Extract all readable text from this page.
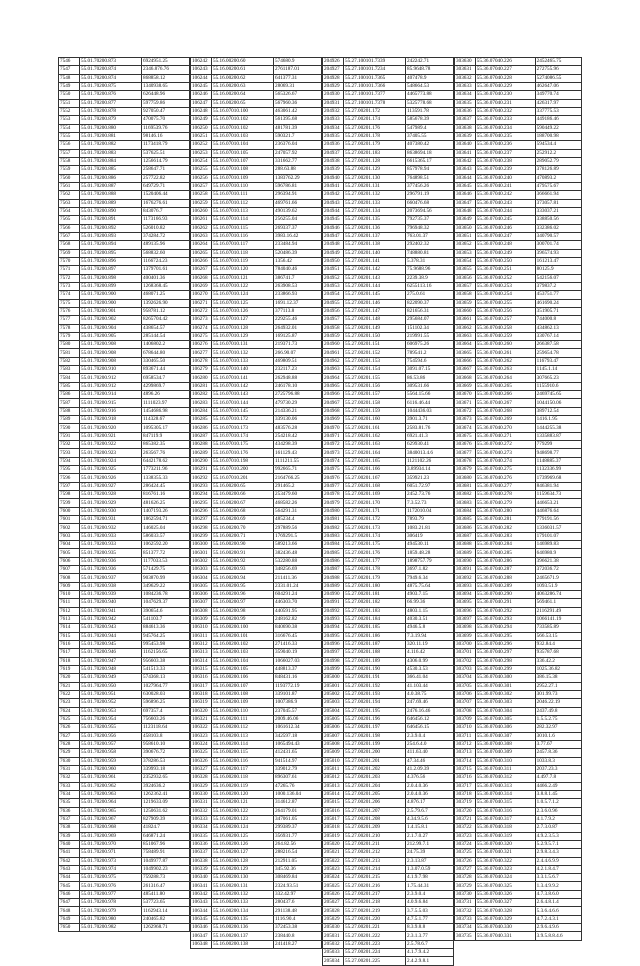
7546	55.01.70200.873	6924951.25
7547	55.01.70200.874	2346.876.76
7548	55.01.70200.874	868858.12
7549	55.01.70200.875	1340938.65
7550	55.01.70200.876	626448.96
7551	55.01.70200.877	597759.86
7552	55.01.70200.878	927050.47
7553	55.01.70200.879	470075.70
7554	55.01.70200.880	1169539.76
7555	55.01.70200.881	98146.16
7556	55.01.70200.882	1173418.79
7557	55.01.70200.883	537625.51
7558	55.01.70200.884	1256614.79
7559	55.01.70200.885	258647.71
7560	55.01.70200.886	257722.82
7561	55.01.70200.887	649729.71
7562	55.01.70200.888	1520406.44
7563	55.01.70200.889	1676276.61
7564	55.01.70200.890	843076.7
7565	55.01.70200.891	1173166.93
7566	55.01.70200.892	526010.82
7567	55.01.70200.893	374284.72
7568	55.01.70200.894	489135.96
7569	55.01.70200.895	568832.60
7570	55.01.70200.896	1166724.23
7571	55.01.70200.897	1379701.61
7572	55.01.70200.898	400401.36
7573	55.01.70200.899	1268368.45
7574	55.01.70200.900	468071.25
7575	55.01.70200.900	1392626.90
7576	55.01.70200.901	958781.12
7577	55.01.70200.902	8265704.42
7578	55.01.70200.904	438654.57
7579	55.01.70200.905	285144.54
7580	55.01.70200.908	1406802.2
7581	55.01.70200.908	678644.80
7582	55.01.70200.908	330465.50
7583	55.01.70200.910	893671.44
7584	55.01.70200.912	6958534.7
7585	55.01.70200.912	4299869.7
7586	55.01.70200.914	4896.26
7587	55.01.70200.915	1111023.97
7588	55.01.70200.916	1454686.98
7589	55.01.70200.918	114328.67
7590	55.01.70200.920	1095305.17
7591	55.01.70200.921	847119.9
7592	55.01.70200.922	865382.35
7593	55.01.70200.923	263567.76
7594	55.01.70200.924	6442178.62
7595	55.01.70200.925	1773211.96
7596	55.01.70200.926	1338355.33
7597	55.01.70200.927	286424.45
7598	55.01.70200.928	816761.16
7599	55.01.70200.929	481626.25
7600	55.01.70200.930	1407193.26
7601	55.01.70200.931	1862594.71
7602	55.01.70200.932	146025.04
7603	55.01.70200.933	586033.57
7604	55.01.70200.933	1062592.20
7605	55.01.70200.935	851377.72
7606	55.01.70200.936	1177033.53
7607	55.01.70200.936	571429.75
7608	55.01.70200.937	903870.99
7609	55.01.70200.938	349629.22
7610	55.01.70200.939	1084236.78
7611	55.01.70200.940	1047629.37
7612	55.01.70200.941	390654.6
7613	55.01.70200.942	541103.7
7614	55.01.70200.943	884613.36
7615	55.01.70200.944	945764.25
7616	55.01.70200.945	995453.98
7617	55.01.70200.946	1162156.65
7618	55.01.70200.947	956603.38
7619	55.01.70200.948	541513.33
7620	55.01.70200.949	574368.13
7621	55.01.70200.950	1027964.77
7622	55.01.70200.951	630028.03
7623	55.01.70200.952	596896.25
7624	55.01.70200.953	697357.4
7625	55.01.70200.954	756603.26
7626	55.01.70200.955	1123118.64
7627	55.01.70200.956	458103.8
7628	55.01.70200.957	958610.10
7629	55.01.70200.958	390676.72
7630	55.01.70200.959	378286.53
7631	55.01.70200.960	339993.18
7632	55.01.70200.961	2352932.65
7633	55.01.70200.962	3924636.2
7634	55.01.70200.963	1262362.41
7635	55.01.70200.964	1219633.09
7636	55.01.70200.965	1250631.62
7637	55.01.70200.967	827909.39
7638	55.01.70200.968	41824.7
7639	55.01.70200.969	646871.24
7640	55.01.70200.970	851067.96
7641	55.01.70200.971	758489.91
7642	55.01.70200.973	1049977.87
7643	55.01.70200.974	1049902.23
7644	55.01.70200.975	759288.73
7645	55.01.70200.976	261316.47
7646	55.01.70200.977	485411.80
7647	55.01.70200.978	537723.65
7648	55.01.70200.979	1162943.14
7649	55.01.70200.980	240465.82
7650	55.01.70200.982	1262968.71
106242	55.16.00200.60	574680.9
106243	55.16.00200.61	2761187.01
106244	55.16.00200.62	641377.31
106245	55.16.00200.63	28069.31
106246	55.16.00200.64	565326.67
106247	55.16.00200.65	567960.36
106248	55.16.07010.100	463061.42
106249	55.16.07010.102	561395.68
106250	55.16.07010.102	481781.39
106251	55.16.07010.103	590321.7
106252	55.16.07010.104	236376.04
106253	55.16.07010.105	247057.92
106254	55.16.07010.107	331662.77
106255	55.16.07010.108	288.63.88
106256	55.16.07010.109	1383762.29
106257	55.16.07010.110	596786.81
106258	55.16.07010.111	296394.91
106259	55.16.07010.112	469761.66
106260	55.16.07010.113	490139.62
106261	55.16.07010.114	256255.04
106262	55.16.07010.115	269337.37
106263	55.16.07010.116	3983.16.42
106264	55.16.07010.117	233484.94
106265	55.16.07010.118	520486.39
106266	55.16.07010.119	1356.42
106267	55.16.07010.120	784040.46
106268	55.16.07010.121	386741.7
106269	55.16.07010.122	263908.53
106270	55.16.07010.124	233866.93
106271	55.16.07010.125	1691.12.37
106272	55.16.07010.126	377113.8
106273	55.16.07010.127	229255.46
106274	55.16.07010.128	264932.01
106275	55.16.07010.129	169125.87
106276	55.16.07010.131	219371.73
106277	55.16.07010.132	266.90.07
106278	55.16.07010.133	469809.51
106279	55.16.07010.140	232117.23
106280	55.16.07010.141	262948.88
106281	55.16.07010.142	246178.10
106282	55.16.07010.143	2725796.88
106283	55.16.07010.144	479730.29
106284	55.16.07010.145	214336.21
106285	55.16.07010.172	339130.06
106286	55.16.07010.173	483576.28
106287	55.16.07010.174	254218.42
106288	55.16.07010.175	434298.39
106289	55.16.07010.176	161129.43
106290	55.16.07010.198	1111211.55
106291	55.16.07010.200	992665.71
106292	55.16.07010.201	2164766.25
106293	55.16.00200.65	291465.2
106294	55.16.00200.66	253479.60
106295	55.16.00200.67	468582.26
106296	55.16.00200.68	564291.31
106297	55.16.00200.69	485234.4
106298	55.16.00200.70	297889.56
106299	55.16.00200.71	1769291.5
106300	55.16.00200.90	589213.66
106301	55.16.00200.91	382436.48
106302	55.16.00200.92	532280.88
106303	55.16.00200.93	348256.69
106304	55.16.00200.94	211411.36
106305	55.16.00200.95	2331.01.24
106306	55.16.00200.96	604291.24
106307	55.16.00200.97	446303.70
106308	55.16.00200.98	440591.95
106309	55.16.00200.99	248162.82
106310	55.16.00200.100	840690.38
106311	55.16.00200.101	316676.45
106312	55.16.00200.102	271416.33
106313	55.16.00200.103	359040.19
106314	55.16.00200.104	1066027.03
106315	55.16.00200.105	448813.37
106316	55.16.00200.106	848431.16
106317	55.16.00200.107	1193772.19
106318	55.16.00200.108	339101.87
106319	55.16.00200.109	1007386.9
106320	55.16.00200.110	237045.57
106321	55.16.00200.111	2009.46.06
106322	55.16.00200.112	1061612.34
106323	55.16.00200.113	342597.18
106324	55.16.00200.114	1065494.43
106325	55.16.00200.115	412431.65
106326	55.16.00200.116	941514.97
106327	55.16.00200.117	339012.79
106328	55.16.00200.118	896307.61
106329	55.16.00200.119	47265.76
106330	55.16.00200.120	1000.136.04
106331	55.16.00200.121	314612.87
106332	55.16.00200.122	264179.01
106333	55.16.00200.123	347061.05
106334	55.16.00200.124	299389.37
106335	55.16.00200.125	356931.77
106336	55.16.00200.126	264.82.56
106337	55.16.00200.127	288216.54
106338	55.16.00200.128	212911.05
106339	55.16.00200.129	345.92.36
106340	55.16.00200.130	308469.84
106341	55.16.00200.131	2324.93.51
106342	55.16.00200.132	332.42.97
106343	55.16.00200.133	280437.6
106344	55.16.00200.134	291138.48
106345	55.16.00200.135	1116.90.4
106346	55.16.00200.136	372453.38
106347	55.16.00200.137	238440.8
106348	55.16.00200.138	241418.27
204926	55.27.100101.7339	242242.71
204927	55.27.100101.7234	85.9648.78
204928	55.27.100101.7365	407478.9
204929	55.27.100101.7366	548664.53
204930	55.27.100101.7377	4465773.88
204931	55.27.100101.7378	5325778.68
204932	55.27.00201.172	113591.78
204933	55.27.00201.174	585678.39
204934	55.27.00201.176	547989.4
204935	55.27.00201.178	37405.55
204936	55.27.00201.179	407380.42
204937	55.27.00201.183	8638694.18
204938	55.27.00201.128	6615365.17
204939	55.27.00201.129	857978.94
204940	55.27.00201.130	764898.51
204941	55.27.00201.131	377456.26
204942	55.27.00201.132	296791.19
204943	55.27.00201.133	660476.68
204944	55.27.00201.134	2073694.56
204945	55.27.00201.135	792735.37
204946	55.27.00201.136	796948.32
204947	55.27.00201.137	763.01.37
204948	55.27.00201.138	292402.32
204949	55.27.00201.140	748880.81
204950	55.27.00201.141	5.378.31
204951	55.27.00201.142	75.9688.96
204952	55.27.00201.143	2239.38.9
204953	55.27.00201.144	6255113.16
204954	55.27.00201.145	275.0.61
204955	55.27.00201.146	822090.37
204956	55.27.00201.147	821656.31
204957	55.27.00201.148	295684.07
204958	55.27.00201.149	151102.34
204959	55.27.00201.150	219991.55
204960	55.27.00201.151	606975.26
204961	55.27.00201.152	789541.2
204962	55.27.00201.153	754594.6
204963	55.27.00201.154	3091.07.15
204964	55.27.00201.155	86.53.86
204965	55.27.00201.156	309531.66
204966	55.27.00201.157	5564.15.66
204967	55.27.00201.158	6116.46.44
204968	55.27.00201.159	1044436.03
204969	55.27.00201.160	3901.3.71
204970	55.27.00201.161	2583.81.76
204971	55.27.00201.162	6921.41.3
204972	55.27.00201.163	629930.41
204973	55.27.00201.164	3840013.4.6
204974	55.27.00201.165	1121102.26
204975	55.27.00201.166	3.89934.14
204976	55.27.00201.167	359921.23
204977	55.27.00201.168	6051.72.97
204978	55.27.00201.169	2452.73.76
204979	55.27.00201.170	7.3.52.73
204980	55.27.00201.171	1172010.04
204981	55.27.00201.172	7893.79
204982	55.27.00201.173	1083.21.81
204983	55.27.00201.174	306419
204984	55.27.00201.175	494530.11
204985	55.27.00201.176	1859.48.28
204986	55.27.00201.177	1898757.79
204987	55.27.00201.178	3697.1.82
204988	55.27.00201.179	7949.6.34
204989	55.27.00201.180	4875.75.64
204990	55.27.00201.181	4903.7.15
204991	55.27.00201.182	66.99.36
204992	55.27.00201.183	4803.1.15
204993	55.27.00201.184	4030.3.51
204994	55.27.00201.185	4946.5.8
204995	55.27.00201.186	7.3.19.94
204996	55.27.00201.187	320.11.19
204997	55.27.00201.188	4.116.42
204998	55.27.00201.189	4306.0.99
204999	55.27.00201.190	4530.3.53
205000	55.27.00201.191	366.41.04
205001	55.27.00201.192	41.103.44
205002	55.27.00201.193	4.0.38.75
205003	55.27.00201.194	247.69.46
205004	55.27.00201.195	2476.16.46
205005	55.27.00201.196	646456.12
205006	55.27.00201.197	646456.15
205007	55.27.00201.198	2.3.9.0.4
205008	55.27.00201.199	254.6.4.0
205009	55.27.00201.200	411.63.40
205010	55.27.00201.201	47.34.46
205011	55.27.00201.202	41.2.09.39
205012	55.27.00201.203	4.376.56
205013	55.27.00201.204	2.0.4.0.36
205014	55.27.00201.205	2.0.4.0.36
205015	55.27.00201.206	4.876.17
205016	55.27.00201.207	2.5.79.6.7
205017	55.27.00201.208	4.34.9.5.6
205018	55.27.00201.209	1.4.15.8.1
205019	55.27.00201.210	2.1.7.0.27
205020	55.27.00201.211	212.99.7.1
205021	55.27.00201.212	24.75.39
205022	55.27.00201.213	2.3.13.87
205023	55.27.00201.214	1.3.07.0.59
205024	55.27.00201.215	4.1.9.7.98
205025	55.27.00201.216	1.75.44.31
205026	55.27.00201.217	2.3.9.0.4
205027	55.27.00201.218	4.0.9.6.84
205028	55.27.00201.219	3.7.5.5.03
205029	55.27.00201.220	4.7.5.1.77
205030	55.27.00201.221	8.3.9.8.8
205031	55.27.00201.222	2.3.1.3.77
205032	55.27.00201.223	2.5.78.6.7
205033	55.27.00201.224	4.1.7.9.4.2
205034	55.27.00201.225	2.4.2.9.8.1
303630	55.36.07040.226	2452465.75
303631	55.36.07040.227	272755.96
303632	55.36.07040.228	5274086.55
303633	55.36.07040.229	462647.06
303634	55.36.07040.230	349770.74
303635	55.36.07040.231	426317.97
303636	55.36.07040.232	337775.53
303637	55.36.07040.233	449186.46
303638	55.36.07040.234	590449.22
303639	55.36.07040.235	188700.98
303640	55.36.07040.236	594534.4
303641	55.36.07040.237	252912.2
303642	55.36.07040.238	289052.79
303643	55.36.07040.239	378126.89
303644	55.36.07040.240	470893.2
303645	55.36.07040.241	479575.67
303646	55.36.07040.242	366661.94
303647	55.36.07040.243	373057.81
303648	55.36.07040.244	333037.21
303649	55.36.07040.245	338850.56
303650	55.36.07040.246	332386.02
303651	55.36.07040.247	340790.57
303652	55.36.07040.248	300701.74
303653	55.36.07040.249	396574.93
303654	55.36.07040.250	161213.47
303655	55.36.07040.251	80125.9
303656	55.36.07040.252	542156.07
303657	55.36.07040.253	379837.2
303658	55.36.07040.254	453751.77
303659	55.36.07040.255	461690.24
303660	55.36.07040.256	351905.71
303661	55.36.07040.257	744000.8
303662	55.36.07040.258	434862.13
303663	55.36.07040.259	330767.14
303664	55.36.07040.260	266387.58
303665	55.36.07040.261	259654.78
303666	55.36.07040.262	116793.47
303667	55.36.07040.263	1145.1.14
303668	55.36.07040.264	307665.23
303669	55.36.07040.265	1155910.6
303670	55.36.07040.266	2469745.65
303671	55.36.07040.267	1044150.06
303672	55.36.07040.268	389712.54
303673	55.36.07040.269	1416.1.95
303674	55.36.07040.270	1444255.38
303675	55.36.07040.271	1335883.87
303676	55.36.07040.272	779299
303677	55.36.07040.273	948698.77
303678	55.36.07040.274	1148885.37
303679	55.36.07040.275	1132336.99
303680	55.36.07040.276	1739969.68
303681	55.36.07040.277	846381.94
303682	55.36.07040.278	1159634.73
303683	55.36.07040.279	446653.21
303684	55.36.07040.280	446876.64
303685	55.36.07040.281	779191.56
303686	55.36.07040.282	1336031.57
303687	55.36.07040.283	179101.07
303688	55.36.07040.284	146989.83
303689	55.36.07040.285	646980.9
303690	55.36.07040.286	396621.38
303691	55.36.07040.287	372036.72
303692	55.36.07040.288	2465671.9
303693	55.36.07040.289	1093.51.9
303694	55.36.07040.290	4063286.74
303695	55.36.07040.291	569461.1
303696	55.36.07040.292	2116291.49
303697	55.36.07040.293	1066141.19
303698	55.36.07040.294	733585.89
303699	55.36.07040.295	566.53.15
303700	55.36.07040.296	932.84.4
303701	55.36.07040.297	935787.68
303702	55.36.07040.298	336.42.2
303703	55.36.07040.299	1025.36.82
303704	55.36.07040.300	386.15.38
303705	55.36.07040.301	2952.27.1
303706	55.36.07040.302	301.99.73
303707	55.36.07040.303	2046.22.19
303708	55.36.07040.304	2437.49.8
303709	55.36.07040.305	1.5.5.2.75
303710	55.36.07040.306	282.32.97
303711	55.36.07040.307	3010.1.6
303712	55.36.07040.308	3.77.67
303713	55.36.07040.309	2457.8.36
303714	55.36.07040.310	1033.8.3
303715	55.36.07040.311	2037.23.3
303716	55.36.07040.312	4.497.7.8
303717	55.36.07040.313	4466.2.49
303718	55.36.07040.314	3.8.8.1.45
303719	55.36.07040.315	1.0.5.7.1.2
303720	55.36.07040.316	2.3.6.0.96
303721	55.36.07040.317	4.1.7.9.2
303722	55.36.07040.318	2.7.3.0.87
303723	55.36.07040.319	4.9.2.3.5.3
303724	55.36.07040.320	5.2.9.5.7.1
303725	55.36.07040.321	2.9.8.3.4.3
303726	55.36.07040.322	2.4.4.6.9.9
303727	55.36.07040.323	4.2.1.8.4.7
303728	55.36.07040.324	3.3.1.5.6.7
303729	55.36.07040.325	1.3.4.9.9.2
303730	55.36.07040.326	4.7.3.8.6.0
303731	55.36.07040.327	2.6.4.8.1.4
303732	55.36.07040.328	5.3.6.4.6.6
303733	55.36.07040.329	4.7.2.4.3.1
303734	55.36.07040.330	2.9.6.4.9.6
303735	55.36.07040.331	3.9.5.8.8.4.6
